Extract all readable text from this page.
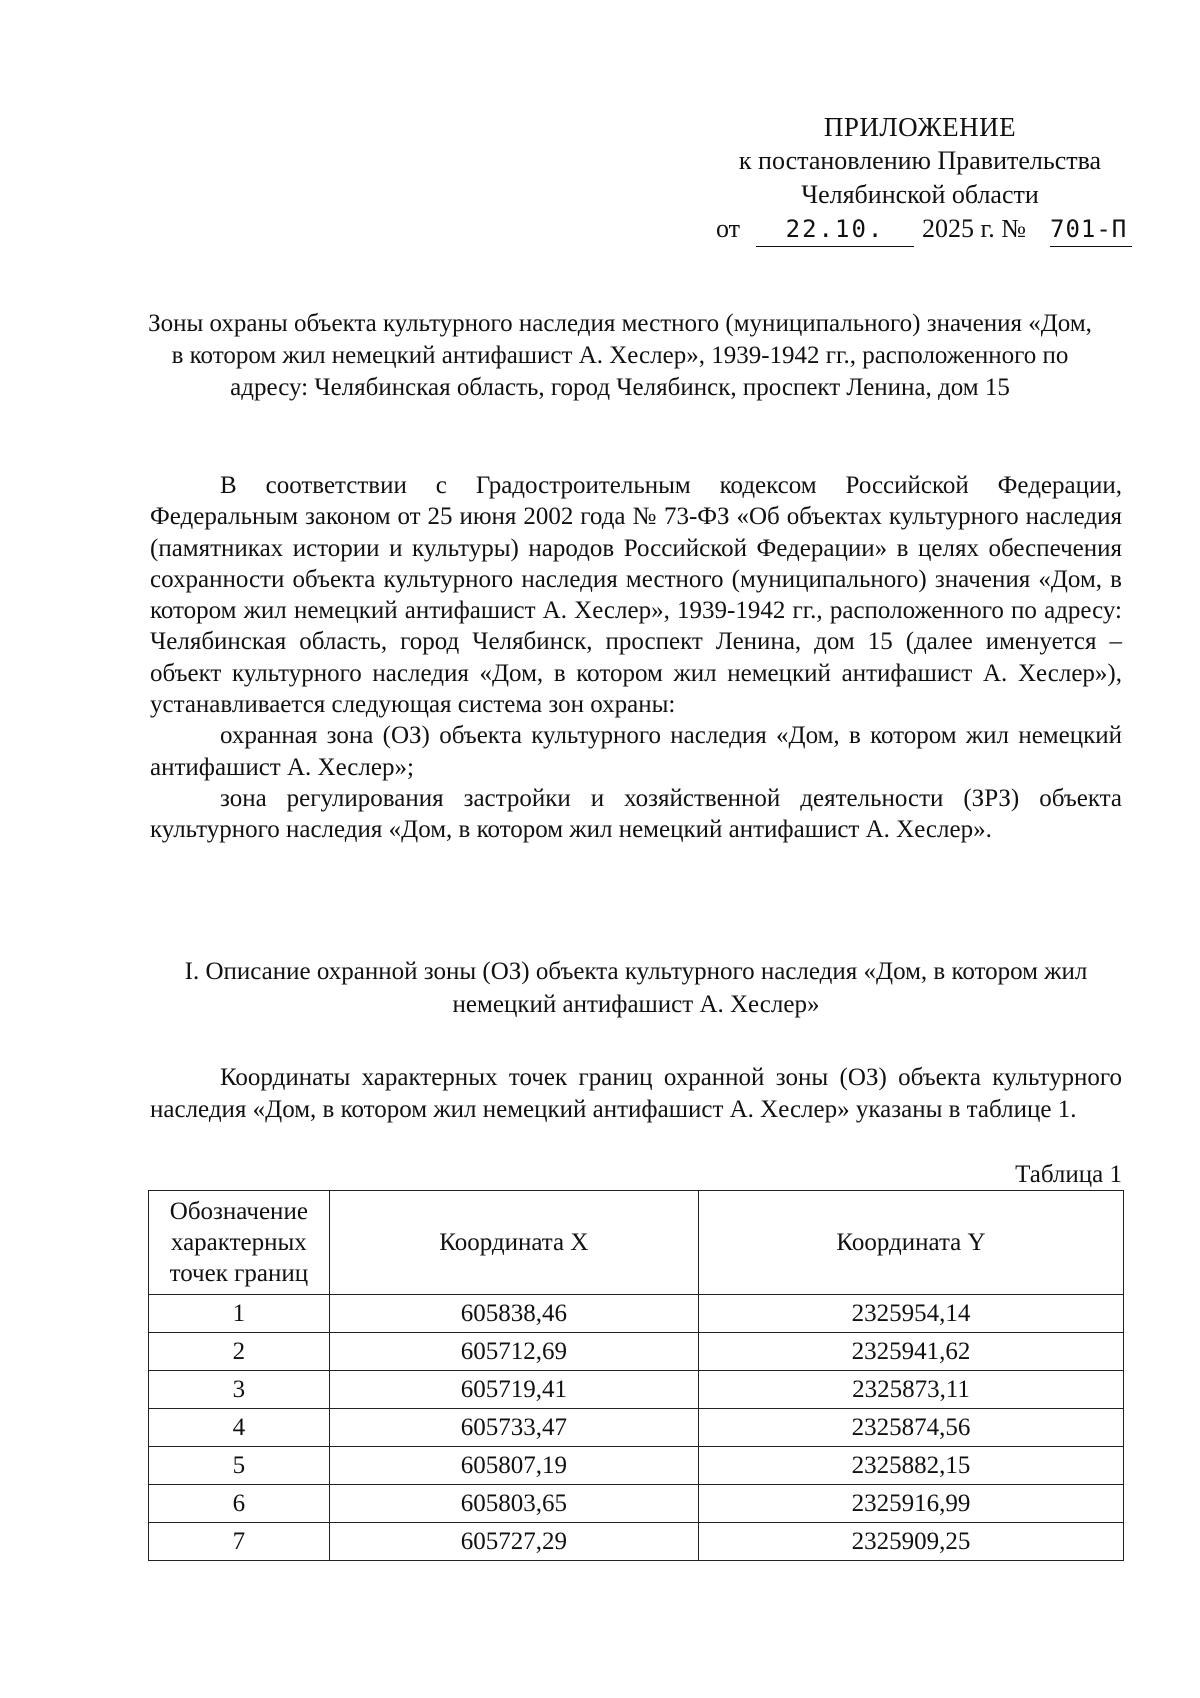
ПРИЛОЖЕНИЕ
к постановлению Правительства
Челябинской области
от	22.10.	2025 г. № 701-П
Зоны охраны объекта культурного наследия местного (муниципального) значения «Дом, в котором жил немецкий антифашист А. Хеслер», 1939-1942 гг., расположенного по адресу: Челябинская область, город Челябинск, проспект Ленина, дом 15

В соответствии с Градостроительным кодексом Российской Федерации, Федеральным законом от 25 июня 2002 года № 73-ФЗ «Об объектах культурного наследия (памятниках истории и культуры) народов Российской Федерации» в целях обеспечения сохранности объекта культурного наследия местного (муниципального) значения «Дом, в котором жил немецкий антифашист А. Хеслер», 1939-1942 гг., расположенного по адресу: Челябинская область, город Челябинск, проспект Ленина, дом 15 (далее именуется – объект культурного наследия «Дом, в котором жил немецкий антифашист А. Хеслер»), устанавливается следующая система зон охраны:

охранная зона (ОЗ) объекта культурного наследия «Дом, в котором жил немецкий антифашист А. Хеслер»;

зона регулирования застройки и хозяйственной деятельности (ЗРЗ) объекта культурного наследия «Дом, в котором жил немецкий антифашист А. Хеслер».

I. Описание охранной зоны (ОЗ) объекта культурного наследия «Дом, в котором жил немецкий антифашист А. Хеслер»

Координаты характерных точек границ охранной зоны (ОЗ) объекта культурного наследия «Дом, в котором жил немецкий антифашист А. Хеслер» указаны в таблице 1.

Таблица 1
Обозначение характерных точек границ	Координата X	Координата Y
1	605838,46	2325954,14
2	605712,69	2325941,62
3	605719,41	2325873,11
4	605733,47	2325874,56
5	605807,19	2325882,15
6	605803,65	2325916,99
7	605727,29	2325909,25
